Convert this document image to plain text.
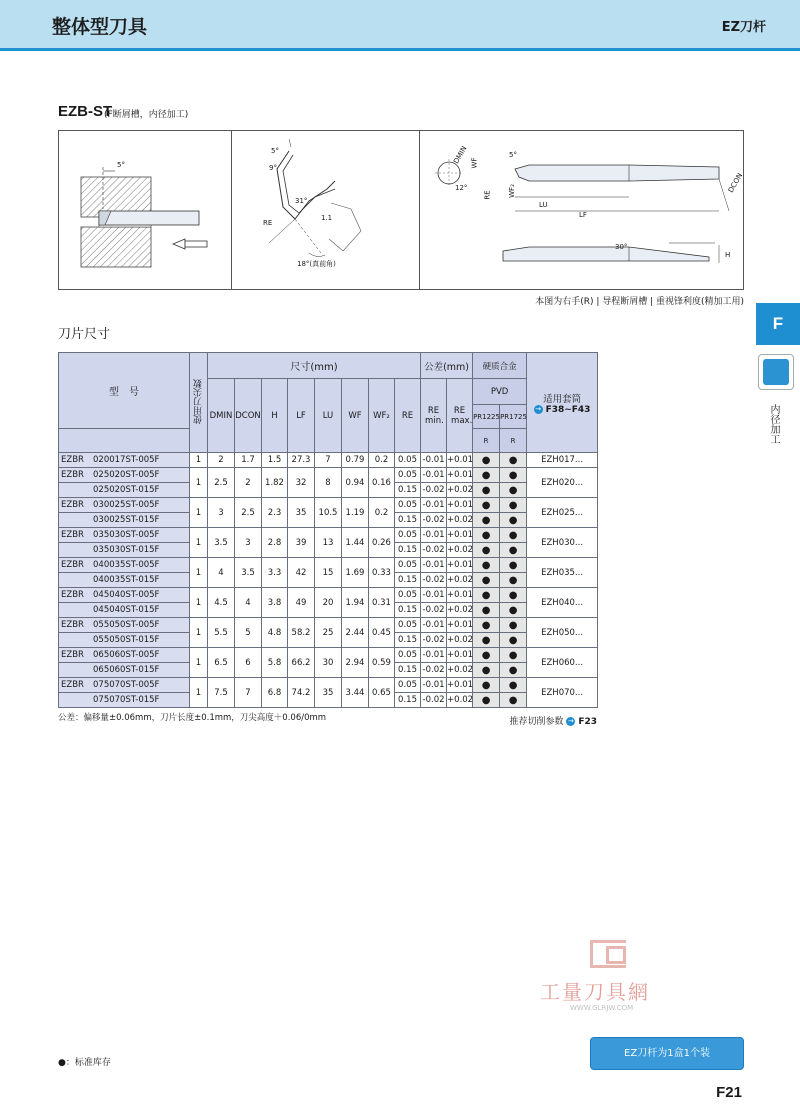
整体型刀具	EZ刀杆
EZB-ST
(F断屑槽，内径加工)
5°
5°
9°
31°
1.1
RE
18°(真前角)
DMIN WF
5°
12°
RE WF₂
LU
LF
DCON
30°
H
本图为右手(R) | 导程断屑槽 | 重视锋利度(精加工用)
F
内径加工
刀片尺寸
型　号	使用刀尖数	尺寸(mm)								公差(mm)		硬质合金		适用套筒
→ F38~F43

		DMIN	DCON	H	LF	LU	WF	WF₂	RE	RE min.	RE max.	PVD		
												PR1225	PR1725	
												R	R	
EZBR 020017ST-005F	1	2	1.7	1.5	27.3	7	0.79	0.2	0.05	-0.01	+0.01	●	●	EZH017...
EZBR 025020ST-005F	1	2.5	2	1.82	32	8	0.94	0.16	0.05	-0.01	+0.01	●	●	EZH020...
025020ST-015F									0.15	-0.02	+0.02	●	●	
EZBR 030025ST-005F	1	3	2.5	2.3	35	10.5	1.19	0.2	0.05	-0.01	+0.01	●	●	EZH025...
030025ST-015F									0.15	-0.02	+0.02	●	●	
EZBR 035030ST-005F	1	3.5	3	2.8	39	13	1.44	0.26	0.05	-0.01	+0.01	●	●	EZH030...
035030ST-015F									0.15	-0.02	+0.02	●	●	
EZBR 040035ST-005F	1	4	3.5	3.3	42	15	1.69	0.33	0.05	-0.01	+0.01	●	●	EZH035...
040035ST-015F									0.15	-0.02	+0.02	●	●	
EZBR 045040ST-005F	1	4.5	4	3.8	49	20	1.94	0.31	0.05	-0.01	+0.01	●	●	EZH040...
045040ST-015F									0.15	-0.02	+0.02	●	●	
EZBR 055050ST-005F	1	5.5	5	4.8	58.2	25	2.44	0.45	0.05	-0.01	+0.01	●	●	EZH050...
055050ST-015F									0.15	-0.02	+0.02	●	●	
EZBR 065060ST-005F	1	6.5	6	5.8	66.2	30	2.94	0.59	0.05	-0.01	+0.01	●	●	EZH060...
065060ST-015F									0.15	-0.02	+0.02	●	●	
EZBR 075070ST-005F	1	7.5	7	6.8	74.2	35	3.44	0.65	0.05	-0.01	+0.01	●	●	EZH070...
075070ST-015F									0.15	-0.02	+0.02	●	●	
公差：偏移量±0.06mm，刀片长度±0.1mm，刀尖高度＋0.06/0mm	推荐切削参数 → F23
工量刀具網
WWW.GLRJW.COM
●：标准库存
EZ刀杆为1盒1个装
F21
